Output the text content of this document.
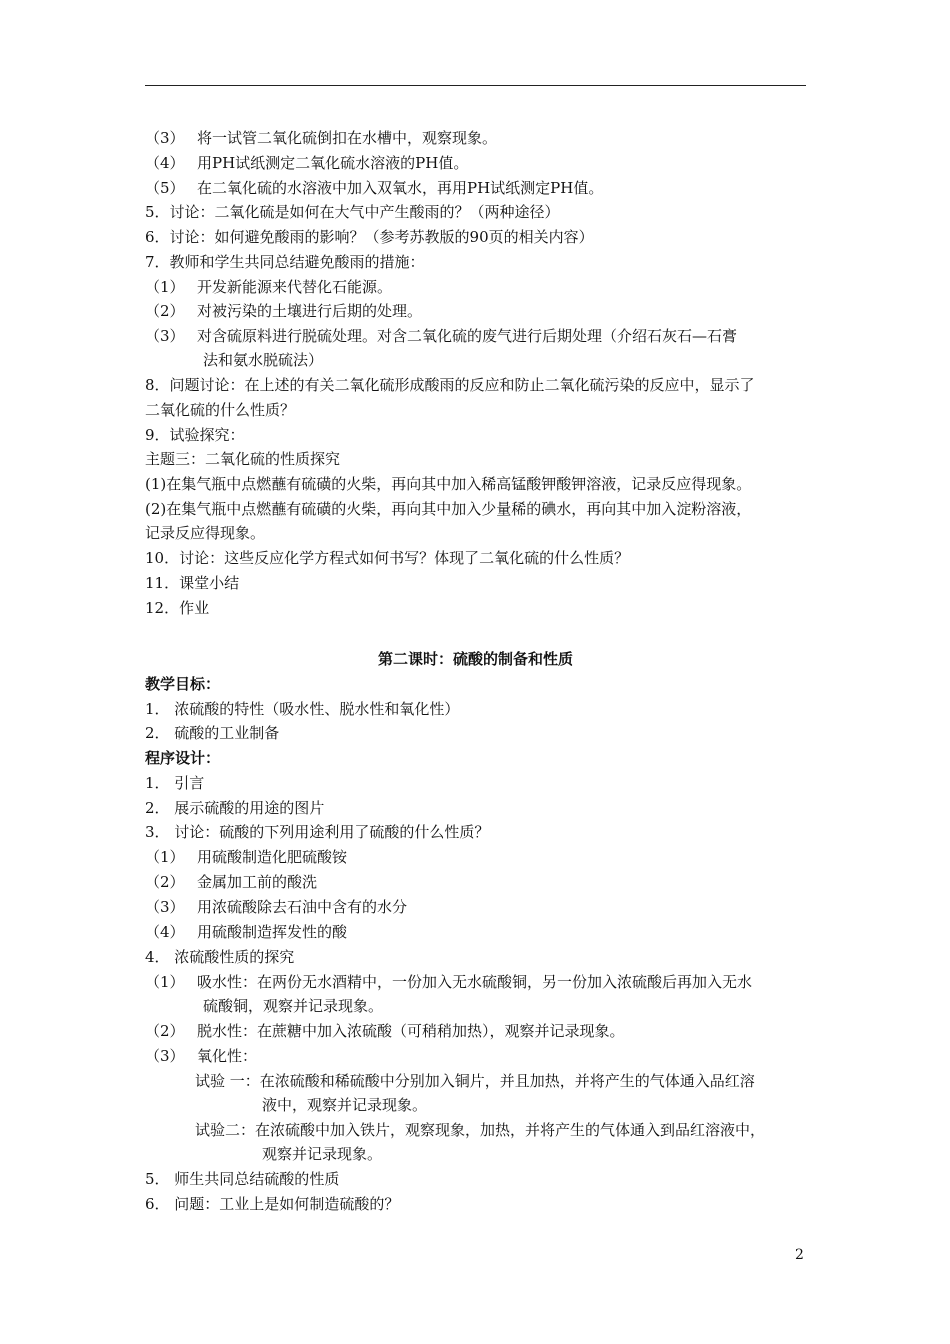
（3） 将一试管二氧化硫倒扣在水槽中，观察现象。
（4） 用PH试纸测定二氧化硫水溶液的PH值。
（5） 在二氧化硫的水溶液中加入双氧水，再用PH试纸测定PH值。
5．讨论：二氧化硫是如何在大气中产生酸雨的？（两种途径）
6．讨论：如何避免酸雨的影响？（参考苏教版的90页的相关内容）
7．教师和学生共同总结避免酸雨的措施：
（1） 开发新能源来代替化石能源。
（2） 对被污染的土壤进行后期的处理。
（3） 对含硫原料进行脱硫处理。对含二氧化硫的废气进行后期处理（介绍石灰石—石膏
法和氨水脱硫法）
8．问题讨论：在上述的有关二氧化硫形成酸雨的反应和防止二氧化硫污染的反应中，显示了
二氧化硫的什么性质？
9．试验探究：
主题三：二氧化硫的性质探究
(1)在集气瓶中点燃蘸有硫磺的火柴，再向其中加入稀高锰酸钾酸钾溶液，记录反应得现象。
(2)在集气瓶中点燃蘸有硫磺的火柴，再向其中加入少量稀的碘水，再向其中加入淀粉溶液，
记录反应得现象。
10．讨论：这些反应化学方程式如何书写？体现了二氧化硫的什么性质？
11．课堂小结
12．作业
第二课时：硫酸的制备和性质
教学目标：
1． 浓硫酸的特性（吸水性、脱水性和氧化性）
2． 硫酸的工业制备
程序设计：
1． 引言
2． 展示硫酸的用途的图片
3． 讨论：硫酸的下列用途利用了硫酸的什么性质？
（1） 用硫酸制造化肥硫酸铵
（2） 金属加工前的酸洗
（3） 用浓硫酸除去石油中含有的水分
（4） 用硫酸制造挥发性的酸
4． 浓硫酸性质的探究
（1） 吸水性：在两份无水酒精中，一份加入无水硫酸铜，另一份加入浓硫酸后再加入无水
硫酸铜，观察并记录现象。
（2） 脱水性：在蔗糖中加入浓硫酸（可稍稍加热），观察并记录现象。
（3） 氧化性：
试验 一：在浓硫酸和稀硫酸中分别加入铜片，并且加热，并将产生的气体通入品红溶
液中，观察并记录现象。
试验二：在浓硫酸中加入铁片，观察现象，加热，并将产生的气体通入到品红溶液中，
观察并记录现象。
5． 师生共同总结硫酸的性质
6． 问题：工业上是如何制造硫酸的？
2
